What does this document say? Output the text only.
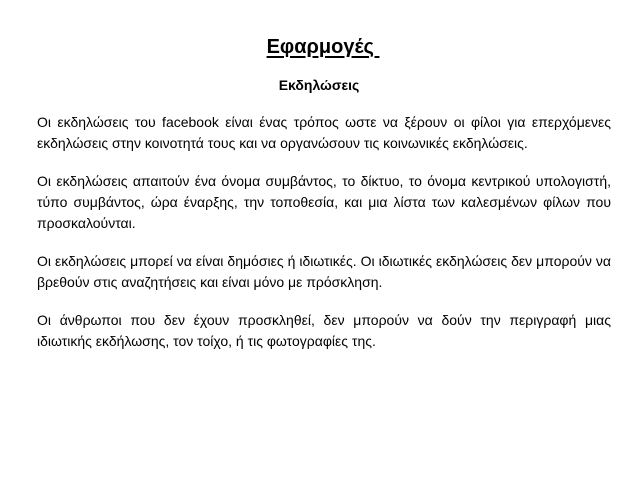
Εφαρμογές
Εκδηλώσεις

Οι εκδηλώσεις του facebook είναι ένας τρόπος ωστε να ξέρουν οι φίλοι για επερχόμενες εκδηλώσεις στην κοινοτητά τους και να οργανώσουν τις κοινωνικές εκδηλώσεις.

Οι εκδηλώσεις απαιτούν ένα όνομα συμβάντος, το δίκτυο, το όνομα κεντρικού υπολογιστή, τύπο συμβάντος, ώρα έναρξης, την τοποθεσία, και μια λίστα των καλεσμένων φίλων που προσκαλούνται.

Οι εκδηλώσεις μπορεί να είναι δημόσιες ή ιδιωτικές. Οι ιδιωτικές εκδηλώσεις δεν μπορούν να βρεθούν στις αναζητήσεις και είναι μόνο με πρόσκληση.

Οι άνθρωποι που δεν έχουν προσκληθεί, δεν μπορούν να δούν την περιγραφή μιας ιδιωτικής εκδήλωσης, τον τοίχο, ή τις φωτογραφίες της.
